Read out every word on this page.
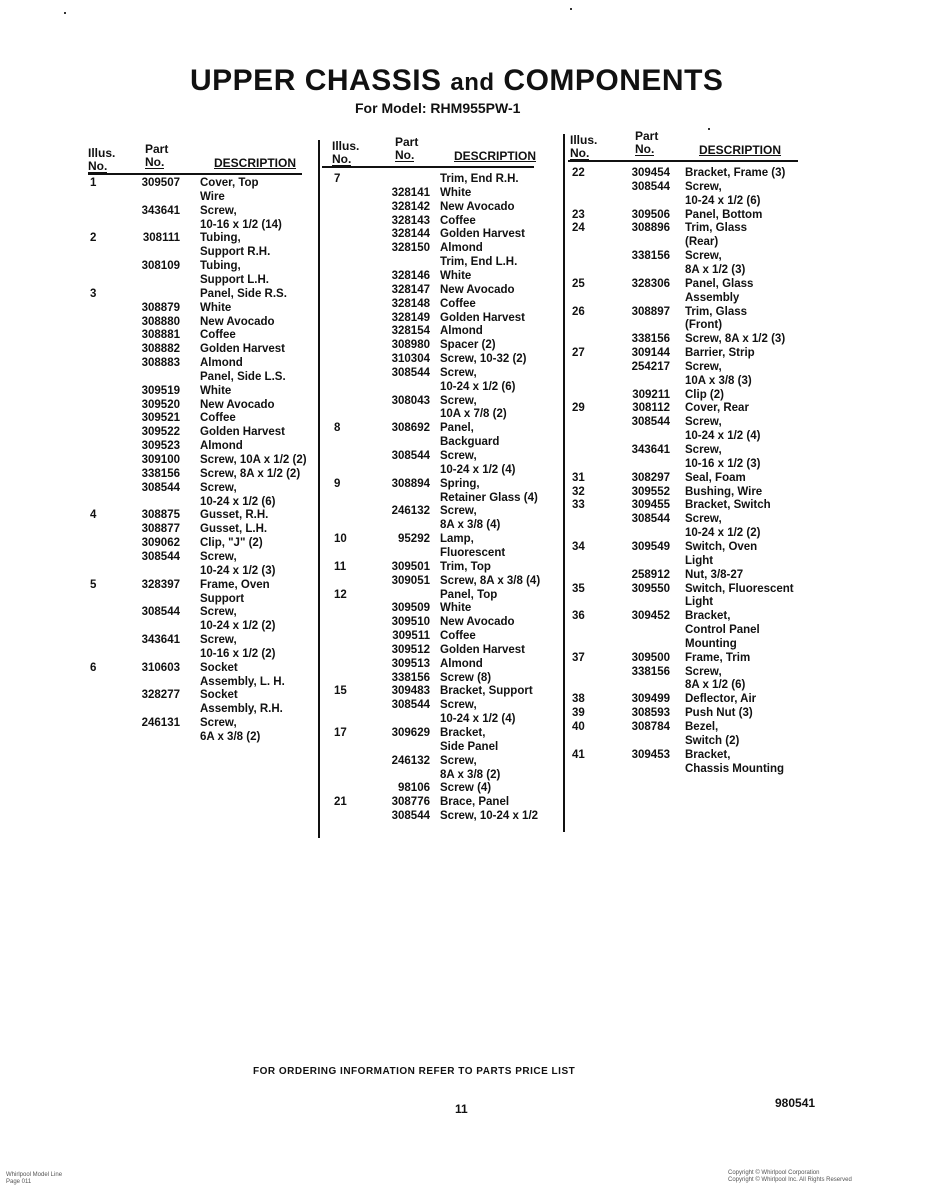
UPPER CHASSIS and COMPONENTS
For Model: RHM955PW-1
Illus.
No.
Part
No.	DESCRIPTION
1	309507 Cover, Top
Wire
343641 Screw,
10-16 x 1/2 (14)
2	308111 Tubing,
Support R.H.
308109 Tubing,
Support L.H.
3	Panel, Side R.S.
308879 White
308880 New Avocado
308881 Coffee
308882 Golden Harvest
308883 Almond
Panel, Side L.S.
309519 White
309520 New Avocado
309521 Coffee
309522 Golden Harvest
309523 Almond
309100 Screw, 10A x 1/2 (2)
338156 Screw, 8A x 1/2 (2)
308544 Screw,
10-24 x 1/2 (6)
4	308875 Gusset, R.H.
308877 Gusset, L.H.
309062 Clip, "J" (2)
308544 Screw,
10-24 x 1/2 (3)
5	328397 Frame, Oven
Support
308544 Screw,
10-24 x 1/2 (2)
343641 Screw,
10-16 x 1/2 (2)
6	310603 Socket
Assembly, L. H.
328277 Socket
Assembly, R.H.
246131 Screw,
6A x 3/8 (2)
Illus.
No.
Part
No.	DESCRIPTION
7	Trim, End R.H.
328141 White
328142 New Avocado
328143 Coffee
328144 Golden Harvest
328150 Almond
Trim, End L.H.
328146 White
328147 New Avocado
328148 Coffee
328149 Golden Harvest
328154 Almond
308980 Spacer (2)
310304 Screw, 10-32 (2)
308544 Screw,
10-24 x 1/2 (6)
308043 Screw,
10A x 7/8 (2)
8	308692 Panel,
Backguard
308544 Screw,
10-24 x 1/2 (4)
9	308894 Spring,
Retainer Glass (4)
246132 Screw,
8A x 3/8 (4)
10	95292 Lamp,
Fluorescent
11	309501 Trim, Top
309051 Screw, 8A x 3/8 (4)
12	Panel, Top
309509 White
309510 New Avocado
309511 Coffee
309512 Golden Harvest
309513 Almond
338156 Screw (8)
15	309483 Bracket, Support
308544 Screw,
10-24 x 1/2 (4)
17	309629 Bracket,
Side Panel
246132 Screw,
8A x 3/8 (2)
98106 Screw (4)
21	308776 Brace, Panel
308544 Screw, 10-24 x 1/2
Illus.
No.
Part
No.	DESCRIPTION
22	309454 Bracket, Frame (3)
308544 Screw,
10-24 x 1/2 (6)
23	309506 Panel, Bottom
24	308896 Trim, Glass
(Rear)
338156 Screw,
8A x 1/2 (3)
25	328306 Panel, Glass
Assembly
26	308897 Trim, Glass
(Front)
338156 Screw, 8A x 1/2 (3)
27	309144 Barrier, Strip
254217 Screw,
10A x 3/8 (3)
309211 Clip (2)
29	308112 Cover, Rear
308544 Screw,
10-24 x 1/2 (4)
343641 Screw,
10-16 x 1/2 (3)
31	308297 Seal, Foam
32	309552 Bushing, Wire
33	309455 Bracket, Switch
308544 Screw,
10-24 x 1/2 (2)
34	309549 Switch, Oven
Light
258912 Nut, 3/8-27
35	309550 Switch, Fluorescent
Light
36	309452 Bracket,
Control Panel
Mounting
37	309500 Frame, Trim
338156 Screw,
8A x 1/2 (6)
38	309499 Deflector, Air
39	308593 Push Nut (3)
40	308784 Bezel,
Switch (2)
41	309453 Bracket,
Chassis Mounting
FOR ORDERING INFORMATION REFER TO PARTS PRICE LIST
11	980541
Whirlpool Model Line
Page 011
Copyright © Whirlpool Corporation
Copyright © Whirlpool Inc. All Rights Reserved
